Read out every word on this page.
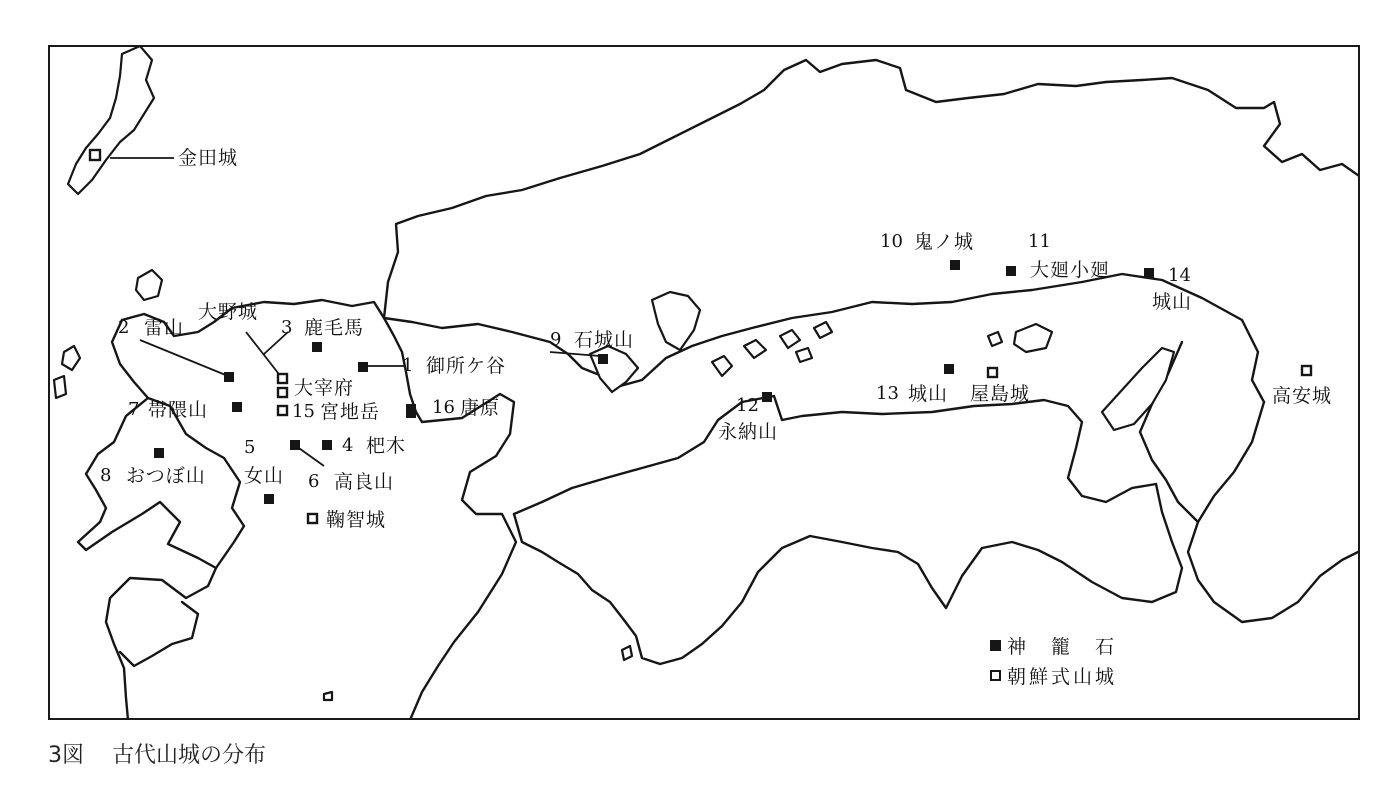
金田城
2 雷山
大野城
3 鹿毛馬
1 御所ケ谷
大宰府
7 帯隈山	15 宮地岳	16 唐原
5
女山
4 杷木
8 おつぼ山	6 高良山
鞠智城
9 石城山
10 鬼ノ城	11
大廻小廻	14
城山
12
永納山
13 城山 屋島城	高安城
神　籠　石
朝鮮式山城
3図 古代山城の分布
